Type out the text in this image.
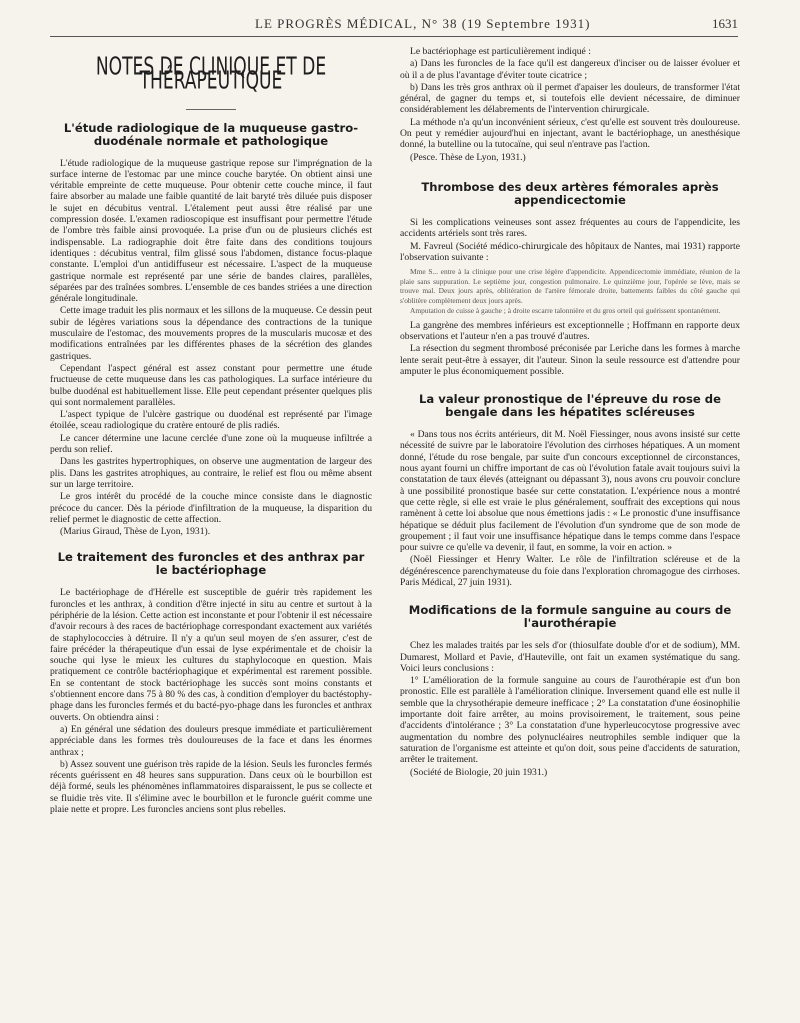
LE PROGRÈS MÉDICAL, N° 38 (19 Septembre 1931)	1631
NOTES DE CLINIQUE ET DE THÉRAPEUTIQUE
L'étude radiologique de la muqueuse gastro-duodénale normale et pathologique

L'étude radiologique de la muqueuse gastrique repose sur l'imprégnation de la surface interne de l'estomac par une mince couche barytée. On obtient ainsi une véritable empreinte de cette muqueuse. Pour obtenir cette couche mince, il faut faire absorber au malade une faible quantité de lait baryté très diluée puis disposer le sujet en décubitus ventral. L'étalement peut aussi être réalisé par une compression dosée. L'examen radioscopique est insuffisant pour permettre l'étude de l'ombre très faible ainsi provoquée. La prise d'un ou de plusieurs clichés est indispensable. La radiographie doit être faite dans des conditions toujours identiques : décubitus ventral, film glissé sous l'abdomen, distance focus-plaque constante. L'emploi d'un antidiffuseur est nécessaire. L'aspect de la muqueuse gastrique normale est représenté par une série de bandes claires, parallèles, séparées par des traînées sombres. L'ensemble de ces bandes striées a une direction générale longitudinale.

Cette image traduit les plis normaux et les sillons de la muqueuse. Ce dessin peut subir de légères variations sous la dépendance des contractions de la tunique musculaire de l'estomac, des mouvements propres de la muscularis mucosæ et des modifications entraînées par les différentes phases de la sécrétion des glandes gastriques.

Cependant l'aspect général est assez constant pour permettre une étude fructueuse de cette muqueuse dans les cas pathologiques. La surface intérieure du bulbe duodénal est habituellement lisse. Elle peut cependant présenter quelques plis qui sont normalement parallèles.

L'aspect typique de l'ulcère gastrique ou duodénal est représenté par l'image étoilée, sceau radiologique du cratère entouré de plis radiés.

Le cancer détermine une lacune cerclée d'une zone où la muqueuse infiltrée a perdu son relief.

Dans les gastrites hypertrophiques, on observe une augmentation de largeur des plis. Dans les gastrites atrophiques, au contraire, le relief est flou ou même absent sur un large territoire.

Le gros intérêt du procédé de la couche mince consiste dans le diagnostic précoce du cancer. Dès la période d'infiltration de la muqueuse, la disparition du relief permet le diagnostic de cette affection.

(Marius Giraud, Thèse de Lyon, 1931).

Le traitement des furoncles et des anthrax par le bactériophage

Le bactériophage de d'Hérelle est susceptible de guérir très rapidement les furoncles et les anthrax, à condition d'être injecté in situ au centre et surtout à la périphérie de la lésion. Cette action est inconstante et pour l'obtenir il est nécessaire d'avoir recours à des races de bactériophage correspondant exactement aux variétés de staphylococcies à détruire. Il n'y a qu'un seul moyen de s'en assurer, c'est de faire précéder la thérapeutique d'un essai de lyse expérimentale et de choisir la souche qui lyse le mieux les cultures du staphylocoque en question. Mais pratiquement ce contrôle bactériophagique et expérimental est rarement possible. En se contentant de stock bactériophage les succès sont moins constants et s'obtiennent encore dans 75 à 80 % des cas, à condition d'employer du bactéstophy-phage dans les furoncles fermés et du bacté-pyo-phage dans les furoncles et anthrax ouverts. On obtiendra ainsi :

a) En général une sédation des douleurs presque immédiate et particulièrement appréciable dans les formes très douloureuses de la face et dans les énormes anthrax ;

b) Assez souvent une guérison très rapide de la lésion. Seuls les furoncles fermés récents guérissent en 48 heures sans suppuration. Dans ceux où le bourbillon est déjà formé, seuls les phénomènes inflammatoires disparaissent, le pus se collecte et se fluidie très vite. Il s'élimine avec le bourbillon et le furoncle guérit comme une plaie nette et propre. Les furoncles anciens sont plus rebelles.

Le bactériophage est particulièrement indiqué :

a) Dans les furoncles de la face qu'il est dangereux d'inciser ou de laisser évoluer et où il a de plus l'avantage d'éviter toute cicatrice ;

b) Dans les très gros anthrax où il permet d'apaiser les douleurs, de transformer l'état général, de gagner du temps et, si toutefois elle devient nécessaire, de diminuer considérablement les délabrements de l'intervention chirurgicale.

La méthode n'a qu'un inconvénient sérieux, c'est qu'elle est souvent très douloureuse. On peut y remédier aujourd'hui en injectant, avant le bactériophage, un anesthésique donné, la butelline ou la tutocaïne, qui seul n'entrave pas l'action.

(Pesce. Thèse de Lyon, 1931.)

Thrombose des deux artères fémorales après appendicectomie

Si les complications veineuses sont assez fréquentes au cours de l'appendicite, les accidents artériels sont très rares.

M. Favreul (Société médico-chirurgicale des hôpitaux de Nantes, mai 1931) rapporte l'observation suivante :

Mme S... entre à la clinique pour une crise légère d'appendicite. Appendicectomie immédiate, réunion de la plaie sans suppuration. Le septième jour, congestion pulmonaire. Le quinzième jour, l'opérée se lève, mais se trouve mal. Deux jours après, oblitération de l'artère fémorale droite, battements faibles du côté gauche qui s'oblitère complètement deux jours après.

Amputation de cuisse à gauche ; à droite escarre talonnière et du gros orteil qui guérissent spontanément.

La gangrène des membres inférieurs est exceptionnelle ; Hoffmann en rapporte deux observations et l'auteur n'en a pas trouvé d'autres.

La résection du segment thrombosé préconisée par Leriche dans les formes à marche lente serait peut-être à essayer, dit l'auteur. Sinon la seule ressource est d'attendre pour amputer le plus économiquement possible.

La valeur pronostique de l'épreuve du rose de bengale dans les hépatites scléreuses

« Dans tous nos écrits antérieurs, dit M. Noël Fiessinger, nous avons insisté sur cette nécessité de suivre par le laboratoire l'évolution des cirrhoses hépatiques. A un moment donné, l'étude du rose bengale, par suite d'un concours exceptionnel de circonstances, nous ayant fourni un chiffre important de cas où l'évolution fatale avait toujours suivi la constatation de taux élevés (atteignant ou dépassant 3), nous avons cru pouvoir conclure à une possibilité pronostique basée sur cette constatation. L'expérience nous a montré que cette règle, si elle est vraie le plus généralement, souffrait des exceptions qui nous ramènent à cette loi absolue que nous émettions jadis : « Le pronostic d'une insuffisance hépatique se déduit plus facilement de l'évolution d'un syndrome que de son mode de groupement ; il faut voir une insuffisance hépatique dans le temps comme dans l'espace pour suivre ce qu'elle va devenir, il faut, en somme, la voir en action. »

(Noël Fiessinger et Henry Walter. Le rôle de l'infiltration scléreuse et de la dégénérescence parenchymateuse du foie dans l'exploration chromagogue des cirrhoses. Paris Médical, 27 juin 1931).

Modifications de la formule sanguine au cours de l'aurothérapie

Chez les malades traités par les sels d'or (thiosulfate double d'or et de sodium), MM. Dumarest, Mollard et Pavie, d'Hauteville, ont fait un examen systématique du sang. Voici leurs conclusions :

1° L'amélioration de la formule sanguine au cours de l'aurothérapie est d'un bon pronostic. Elle est parallèle à l'amélioration clinique. Inversement quand elle est nulle il semble que la chrysothérapie demeure inefficace ; 2° La constatation d'une éosinophilie importante doit faire arrêter, au moins provisoirement, le traitement, sous peine d'accidents d'intolérance ; 3° La constatation d'une hyperleucocytose progressive avec augmentation du nombre des polynucléaires neutrophiles semble indiquer que la saturation de l'organisme est atteinte et qu'on doit, sous peine d'accidents de saturation, arrêter le traitement.

(Société de Biologie, 20 juin 1931.)
